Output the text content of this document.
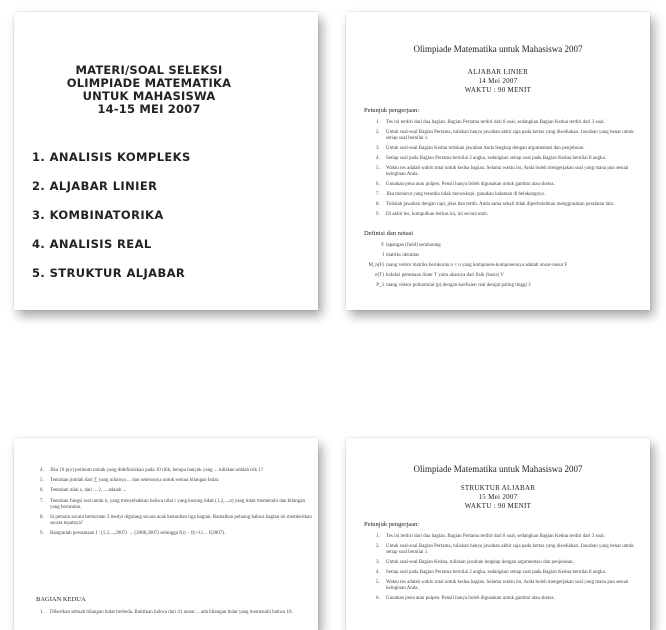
MATERI/SOAL SELEKSI
OLIMPIADE MATEMATIKA
UNTUK MAHASISWA
14-15 MEI 2007
1. ANALISIS KOMPLEKS
2. ALJABAR LINIER
3. KOMBINATORIKA
4. ANALISIS REAL
5. STRUKTUR ALJABAR
Olimpiade Matematika untuk Mahasiswa 2007
ALJABAR LINIER
14 Mei 2007
WAKTU : 90 MENIT
Petunjuk pengerjaan:
1. Tes ini terdiri dari dua bagian. Bagian Pertama terdiri dari 8 soal, sedangkan Bagian Kedua terdiri dari 3 soal.
2. Untuk soal-soal Bagian Pertama, tuliskan hanya jawaban akhir saja pada kertas yang disediakan. Jawaban yang benar untuk setiap soal bernilai 1.
3. Untuk soal-soal Bagian Kedua tuliskan jawaban Anda lengkap dengan argumentasi dan penjelasan.
4. Setiap soal pada Bagian Pertama bernilai 2 angka, sedangkan setiap soal pada Bagian Kedua bernilai 8 angka.
5. Waktu tes adalah waktu total untuk kedua bagian. Selama waktu itu, Anda boleh mengerjakan soal yang mana pun sesuai keinginan Anda.
6. Gunakan pena atau pulpen. Pensil hanya boleh digunakan untuk gambar atau sketsa.
7. Jika menurut yang tersedia tidak mencukupi, gunakan halaman di belakangnya.
8. Tulislah jawaban dengan rapi, jelas dan tertib. Anda sama sekali tidak diperbolehkan menggunakan peralatan lain.
9. Di akhir tes, kumpulkan berkas ini, ini secara utuh.
Definisi dan notasi
F lapangan (field) sembarang
I matriks identitas
M_n(F) ruang vektor matriks berukuran n × n yang komponen-komponennya adalah unsur-unsur F
σ(T) koleksi peremaan linier T yaitu akarnya dari fisik (basis) V
P_3 ruang vektor polinomial (p) dengan koefisien real derajat paling tinggi 3
4. Jika 10 p(x) polinom unitak yang didefinisikan pada 10 titik, berapa banyak yang ... tuliskan adalah trik 1?
5. Tentukan jumlah dari ∑ yang nilainya ... dan seterusnya untuk semua bilangan bulat.
6. Tentukan nilai s, dari ... 2, ... adalah ...
7. Tentukan fungsi real untuk n, yang menyebabkan bahwa nilai r yang kosong tidak (1,2,...,n) yang tidak memenuhi dan bilangan yang berurutan.
8. Si pemain secara berturutan 3 medyi digulang secara acak kemudian tiga bagian. Ramalkan peluang bahwa bagian ini memberikan secara tepatnya?
9. Bangunlah persamaan f : (1,2,...,2007) → (2008,2007) sehingga f(i) − f(i+1) ... f(2007).
BAGIAN KEDUA
1. Diberikan sebuah bilangan bulat berbeda. Buktikan bahwa dari 41 unsur ... ada bilangan bulat yang memenuhi bahwa 10.
Olimpiade Matematika untuk Mahasiswa 2007
STRUKTUR ALJABAR
15 Mei 2007
WAKTU : 90 MENIT
Petunjuk pengerjaan:
1. Tes ini terdiri dari dua bagian. Bagian Pertama terdiri dari 8 soal, sedangkan Bagian Kedua terdiri dari 3 soal.
2. Untuk soal-soal Bagian Pertama, tuliskan hanya jawaban akhir saja pada kertas yang disediakan. Jawaban yang benar untuk setiap soal bernilai 1.
3. Untuk soal-soal Bagian Kedua, tuliskan jawaban lengkap dengan argumentasi dan penjelasan.
4. Setiap soal pada Bagian Pertama bernilai 2 angka, sedangkan setiap soal pada Bagian Kedua bernilai 8 angka.
5. Waktu tes adalah waktu total untuk kedua bagian. Selama waktu itu, Anda boleh mengerjakan soal yang mana pun sesuai keinginan Anda.
6. Gunakan pena atau pulpen. Pensil hanya boleh digunakan untuk gambar atau sketsa.
